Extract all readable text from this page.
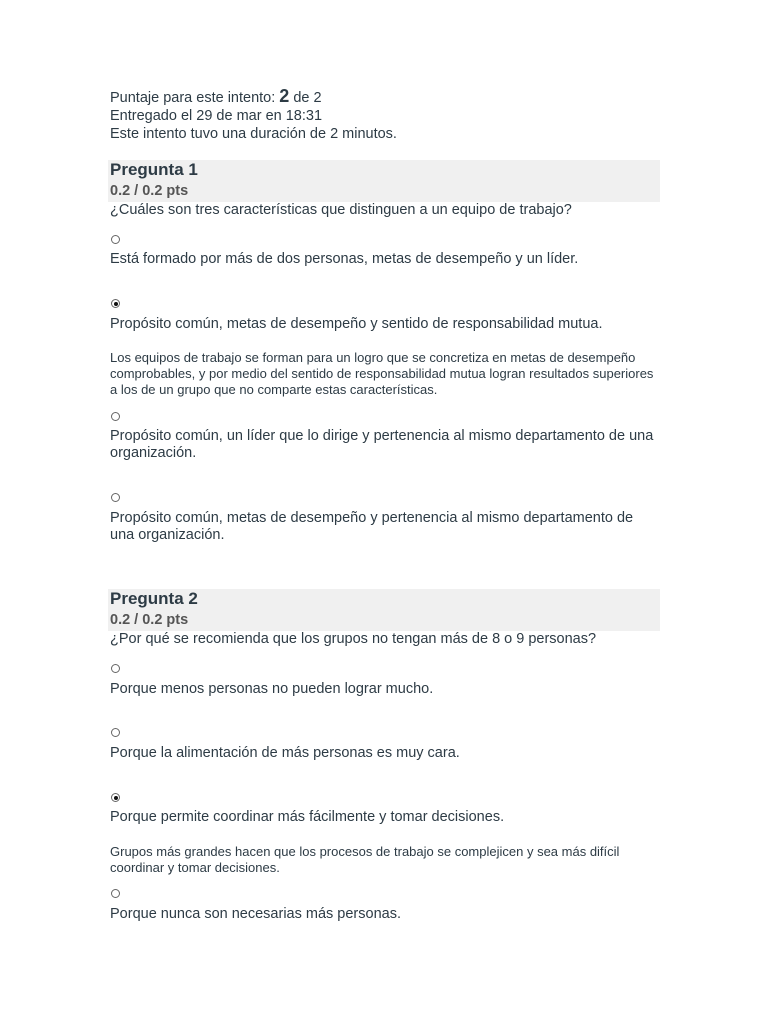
Puntaje para este intento: 2 de 2
Entregado el 29 de mar en 18:31
Este intento tuvo una duración de 2 minutos.
Pregunta 1
0.2 / 0.2 pts
¿Cuáles son tres características que distinguen a un equipo de trabajo?
Está formado por más de dos personas, metas de desempeño y un líder.
Propósito común, metas de desempeño y sentido de responsabilidad mutua.
Los equipos de trabajo se forman para un logro que se concretiza en metas de desempeño comprobables, y por medio del sentido de responsabilidad mutua logran resultados superiores a los de un grupo que no comparte estas características.
Propósito común, un líder que lo dirige y pertenencia al mismo departamento de una organización.
Propósito común, metas de desempeño y pertenencia al mismo departamento de una organización.
Pregunta 2
0.2 / 0.2 pts
¿Por qué se recomienda que los grupos no tengan más de 8 o 9 personas?
Porque menos personas no pueden lograr mucho.
Porque la alimentación de más personas es muy cara.
Porque permite coordinar más fácilmente y tomar decisiones.
Grupos más grandes hacen que los procesos de trabajo se complejicen y sea más difícil coordinar y tomar decisiones.
Porque nunca son necesarias más personas.
